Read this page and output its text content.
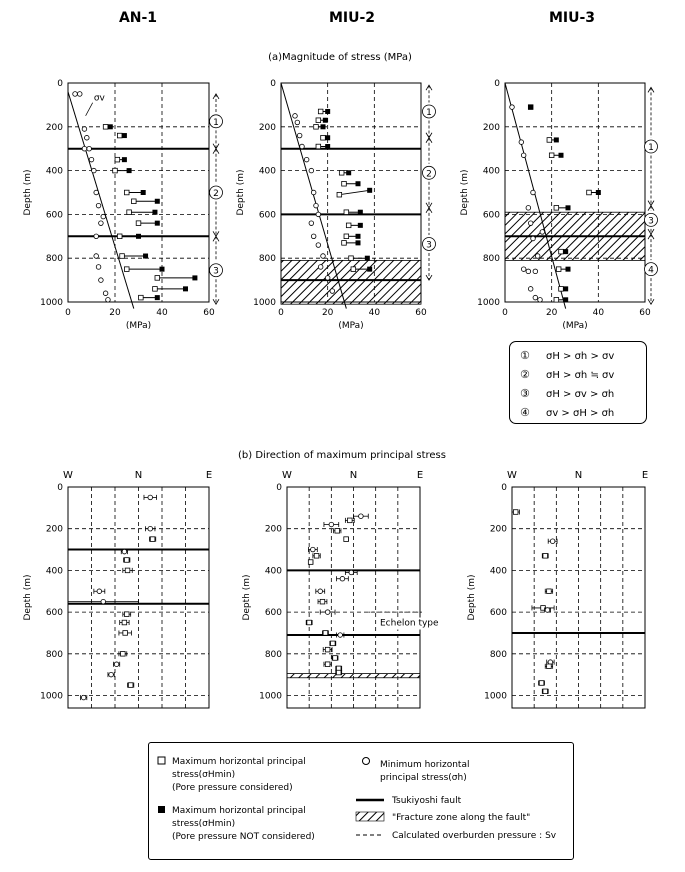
AN-1	MIU-2	MIU-3
(a)Magnitude of stress (MPa)
(b) Direction of maximum principal stress
0
200
400
600
800
1000
Depth (m)
0	20	40	60
(MPa)
1
2
3
σv
0
200
400
600
800
1000
Depth (m)
0	20	40	60
(MPa)
1
2
3
0
200
400
600
800
1000
Depth (m)
0	20	40	60
(MPa)
1
3
4
0
200
400
600
800
1000
Depth (m)
W	N	E
0
200
400
600
800
1000
Depth (m)
W	N	E
Echelon type
0
200
400
600
800
1000
Depth (m)
W	N	E
① σH > σh > σv
② σH > σh ≒ σv
③ σH > σv > σh
④ σv > σH > σh
Maximum horizontal principal
stress(σHmin)
(Pore pressure considered)
Maximum horizontal principal
stress(σHmin)
(Pore pressure NOT considered)
Minimum horizontal
principal stress(σh)
Tsukiyoshi fault
"Fracture zone along the fault"
Calculated overburden pressure : Sv
